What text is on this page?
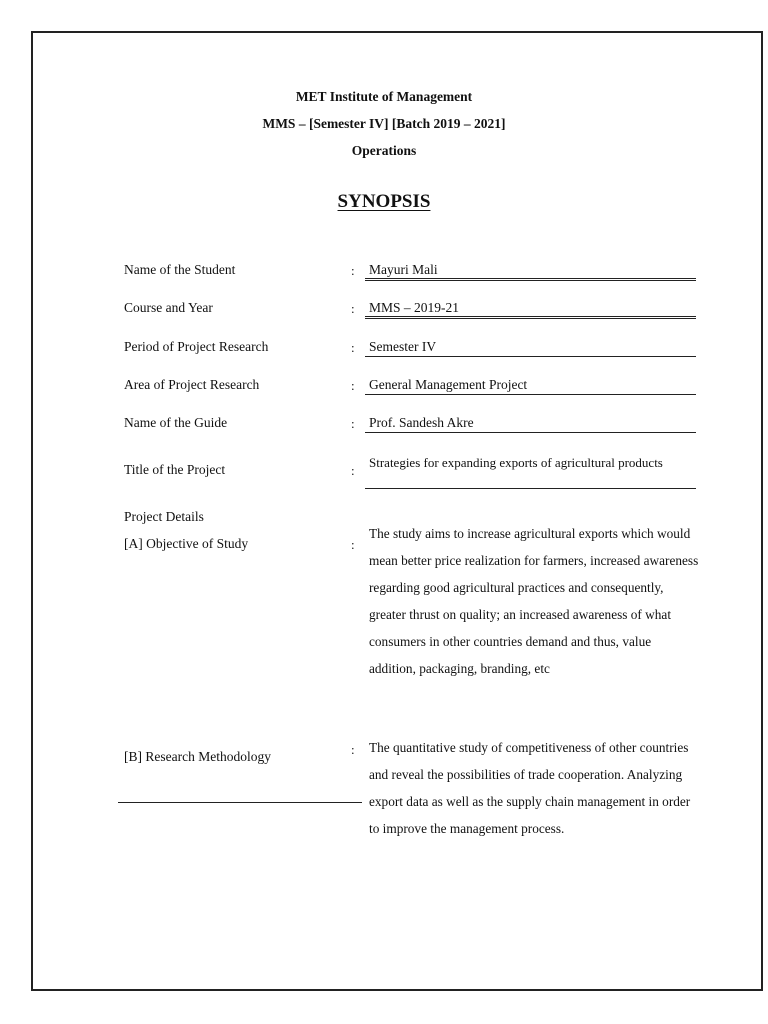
MET Institute of Management
MMS – [Semester IV] [Batch 2019 – 2021]
Operations
SYNOPSIS
Name of the Student	: Mayuri Mali
Course and Year	: MMS – 2019-21
Period of Project Research	: Semester IV
Area of Project Research	: General Management Project
Name of the Guide	: Prof. Sandesh Akre
Title of the Project	:
Strategies for expanding exports of agricultural products
Project Details
[A] Objective of Study	:
The study aims to increase agricultural exports which would mean better price realization for farmers, increased awareness regarding good agricultural practices and consequently, greater thrust on quality; an increased awareness of what consumers in other countries demand and thus, value addition, packaging, branding, etc
[B] Research Methodology	: The quantitative study of competitiveness of other countries and reveal the possibilities of trade cooperation. Analyzing export data as well as the supply chain management in order to improve the management process.
